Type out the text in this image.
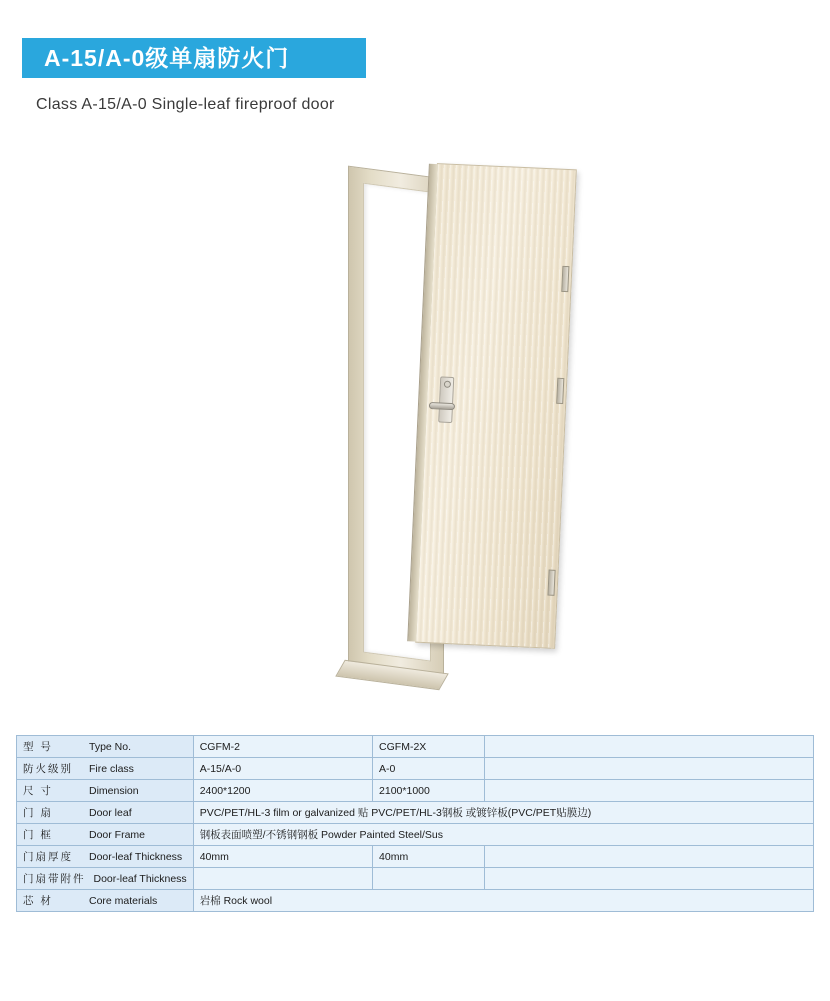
A-15/A-0级单扇防火门
Class A-15/A-0 Single-leaf fireproof door
型 号 Type No.	CGFM-2	CGFM-2X	
防火级别 Fire class	A-15/A-0	A-0	
尺 寸 Dimension	2400*1200	2100*1000	
门 扇 Door leaf	PVC/PET/HL-3 film or galvanized 贴 PVC/PET/HL-3钢板 或镀锌板(PVC/PET贴膜边)		
门 框 Door Frame	钢板表面喷塑/不锈钢钢板 Powder Painted Steel/Sus		
门扇厚度 Door-leaf Thickness	40mm	40mm	
门扇带附件 Door-leaf Thickness			
芯 材 Core materials	岩棉 Rock wool		
